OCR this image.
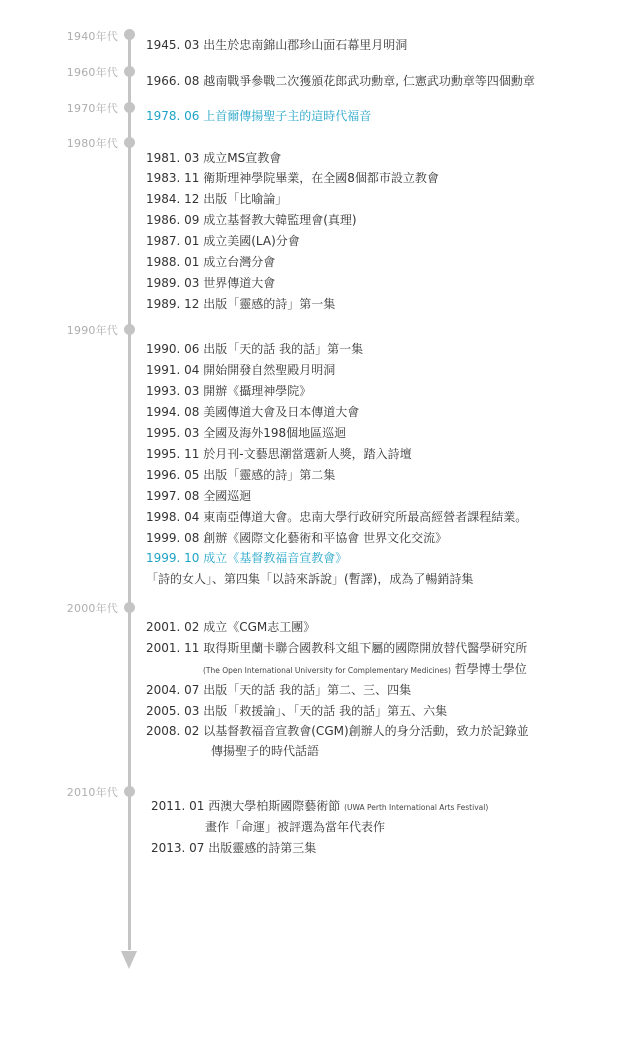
1940年代
1945. 03 出生於忠南錦山郡珍山面石幕里月明洞
1960年代
1966. 08 越南戰爭參戰二次獲頒花郎武功勳章, 仁憲武功勳章等四個勳章
1970年代
1978. 06 上首爾傳揚聖子主的這時代福音
1980年代
1981. 03 成立MS宣教會
1983. 11 衛斯理神學院畢業，在全國8個都市設立教會
1984. 12 出版「比喻論」
1986. 09 成立基督教大韓監理會(真理)
1987. 01 成立美國(LA)分會
1988. 01 成立台灣分會
1989. 03 世界傳道大會
1989. 12 出版「靈感的詩」第一集
1990年代
1990. 06 出版「天的話 我的話」第一集
1991. 04 開始開發自然聖殿月明洞
1993. 03 開辦《攝理神學院》
1994. 08 美國傳道大會及日本傳道大會
1995. 03 全國及海外198個地區巡迴
1995. 11 於月刊-文藝思潮當選新人獎，踏入詩壇
1996. 05 出版「靈感的詩」第二集
1997. 08 全國巡迴
1998. 04 東南亞傳道大會。忠南大學行政研究所最高經營者課程結業。
1999. 08 創辦《國際文化藝術和平協會 世界文化交流》
1999. 10 成立《基督教福音宣教會》
「詩的女人」、第四集「以詩來訴說」(暫譯)，成為了暢銷詩集
2000年代
2001. 02 成立《CGM志工團》
2001. 11 取得斯里蘭卡聯合國教科文組下屬的國際開放替代醫學研究所
(The Open International University for Complementary Medicines) 哲學博士學位
2004. 07 出版「天的話 我的話」第二、三、四集
2005. 03 出版「救援論」、「天的話 我的話」第五、六集
2008. 02 以基督教福音宣教會(CGM)創辦人的身分活動，致力於記錄並
傳揚聖子的時代話語
2010年代
2011. 01 西澳大學柏斯國際藝術節 (UWA Perth International Arts Festival)
畫作「命運」被評選為當年代表作
2013. 07 出版靈感的詩第三集
